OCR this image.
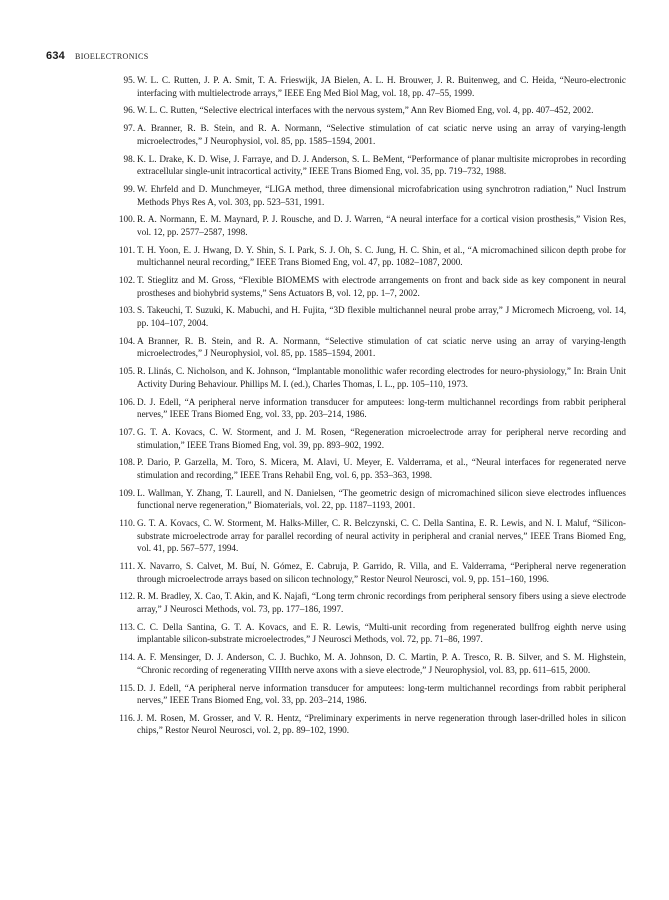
634 BIOELECTRONICS
95. W. L. C. Rutten, J. P. A. Smit, T. A. Frieswijk, JA Bielen, A. L. H. Brouwer, J. R. Buitenweg, and C. Heida, “Neuro-electronic interfacing with multielectrode arrays,” IEEE Eng Med Biol Mag, vol. 18, pp. 47–55, 1999.
96. W. L. C. Rutten, “Selective electrical interfaces with the nervous system,” Ann Rev Biomed Eng, vol. 4, pp. 407–452, 2002.
97. A. Branner, R. B. Stein, and R. A. Normann, “Selective stimulation of cat sciatic nerve using an array of varying-length microelectrodes,” J Neurophysiol, vol. 85, pp. 1585–1594, 2001.
98. K. L. Drake, K. D. Wise, J. Farraye, and D. J. Anderson, S. L. BeMent, “Performance of planar multisite microprobes in recording extracellular single-unit intracortical activity,” IEEE Trans Biomed Eng, vol. 35, pp. 719–732, 1988.
99. W. Ehrfeld and D. Munchmeyer, “LIGA method, three dimensional microfabrication using synchrotron radiation,” Nucl Instrum Methods Phys Res A, vol. 303, pp. 523–531, 1991.
100. R. A. Normann, E. M. Maynard, P. J. Rousche, and D. J. Warren, “A neural interface for a cortical vision prosthesis,” Vision Res, vol. 12, pp. 2577–2587, 1998.
101. T. H. Yoon, E. J. Hwang, D. Y. Shin, S. I. Park, S. J. Oh, S. C. Jung, H. C. Shin, et al., “A micromachined silicon depth probe for multichannel neural recording,” IEEE Trans Biomed Eng, vol. 47, pp. 1082–1087, 2000.
102. T. Stieglitz and M. Gross, “Flexible BIOMEMS with electrode arrangements on front and back side as key component in neural prostheses and biohybrid systems,” Sens Actuators B, vol. 12, pp. 1–7, 2002.
103. S. Takeuchi, T. Suzuki, K. Mabuchi, and H. Fujita, “3D flexible multichannel neural probe array,” J Micromech Microeng, vol. 14, pp. 104–107, 2004.
104. A Branner, R. B. Stein, and R. A. Normann, “Selective stimulation of cat sciatic nerve using an array of varying-length microelectrodes,” J Neurophysiol, vol. 85, pp. 1585–1594, 2001.
105. R. Llinás, C. Nicholson, and K. Johnson, “Implantable monolithic wafer recording electrodes for neuro-physiology,” In: Brain Unit Activity During Behaviour. Phillips M. I. (ed.), Charles Thomas, I. L., pp. 105–110, 1973.
106. D. J. Edell, “A peripheral nerve information transducer for amputees: long-term multichannel recordings from rabbit peripheral nerves,” IEEE Trans Biomed Eng, vol. 33, pp. 203–214, 1986.
107. G. T. A. Kovacs, C. W. Storment, and J. M. Rosen, “Regeneration microelectrode array for peripheral nerve recording and stimulation,” IEEE Trans Biomed Eng, vol. 39, pp. 893–902, 1992.
108. P. Dario, P. Garzella, M. Toro, S. Micera, M. Alavi, U. Meyer, E. Valderrama, et al., “Neural interfaces for regenerated nerve stimulation and recording,” IEEE Trans Rehabil Eng, vol. 6, pp. 353–363, 1998.
109. L. Wallman, Y. Zhang, T. Laurell, and N. Danielsen, “The geometric design of micromachined silicon sieve electrodes influences functional nerve regeneration,” Biomaterials, vol. 22, pp. 1187–1193, 2001.
110. G. T. A. Kovacs, C. W. Storment, M. Halks-Miller, C. R. Belczynski, C. C. Della Santina, E. R. Lewis, and N. I. Maluf, “Silicon-substrate microelectrode array for parallel recording of neural activity in peripheral and cranial nerves,” IEEE Trans Biomed Eng, vol. 41, pp. 567–577, 1994.
111. X. Navarro, S. Calvet, M. Buí, N. Gómez, E. Cabruja, P. Garrido, R. Villa, and E. Valderrama, “Peripheral nerve regeneration through microelectrode arrays based on silicon technology,” Restor Neurol Neurosci, vol. 9, pp. 151–160, 1996.
112. R. M. Bradley, X. Cao, T. Akin, and K. Najafi, “Long term chronic recordings from peripheral sensory fibers using a sieve electrode array,” J Neurosci Methods, vol. 73, pp. 177–186, 1997.
113. C. C. Della Santina, G. T. A. Kovacs, and E. R. Lewis, “Multi-unit recording from regenerated bullfrog eighth nerve using implantable silicon-substrate microelectrodes,” J Neurosci Methods, vol. 72, pp. 71–86, 1997.
114. A. F. Mensinger, D. J. Anderson, C. J. Buchko, M. A. Johnson, D. C. Martin, P. A. Tresco, R. B. Silver, and S. M. Highstein, “Chronic recording of regenerating VIIIth nerve axons with a sieve electrode,” J Neurophysiol, vol. 83, pp. 611–615, 2000.
115. D. J. Edell, “A peripheral nerve information transducer for amputees: long-term multichannel recordings from rabbit peripheral nerves,” IEEE Trans Biomed Eng, vol. 33, pp. 203–214, 1986.
116. J. M. Rosen, M. Grosser, and V. R. Hentz, “Preliminary experiments in nerve regeneration through laser-drilled holes in silicon chips,” Restor Neurol Neurosci, vol. 2, pp. 89–102, 1990.
